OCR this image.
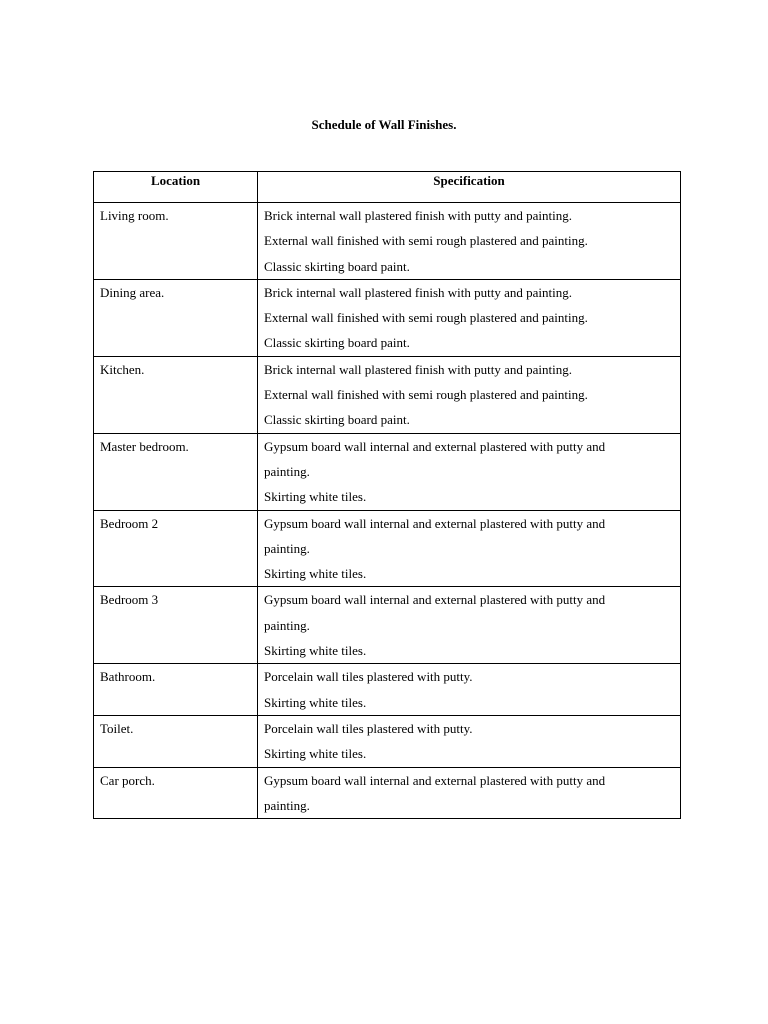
Schedule of Wall Finishes.
Location	Specification
Living room.	Brick internal wall plastered finish with putty and painting.
External wall finished with semi rough plastered and painting.
Classic skirting board paint.

Dining area.	Brick internal wall plastered finish with putty and painting.
External wall finished with semi rough plastered and painting.
Classic skirting board paint.

Kitchen.	Brick internal wall plastered finish with putty and painting.
External wall finished with semi rough plastered and painting.
Classic skirting board paint.

Master bedroom.	Gypsum board wall internal and external plastered with putty and
painting.
Skirting white tiles.

Bedroom 2	Gypsum board wall internal and external plastered with putty and
painting.
Skirting white tiles.

Bedroom 3	Gypsum board wall internal and external plastered with putty and
painting.
Skirting white tiles.

Bathroom.	Porcelain wall tiles plastered with putty.
Skirting white tiles.

Toilet.	Porcelain wall tiles plastered with putty.
Skirting white tiles.

Car porch.	Gypsum board wall internal and external plastered with putty and
painting.
